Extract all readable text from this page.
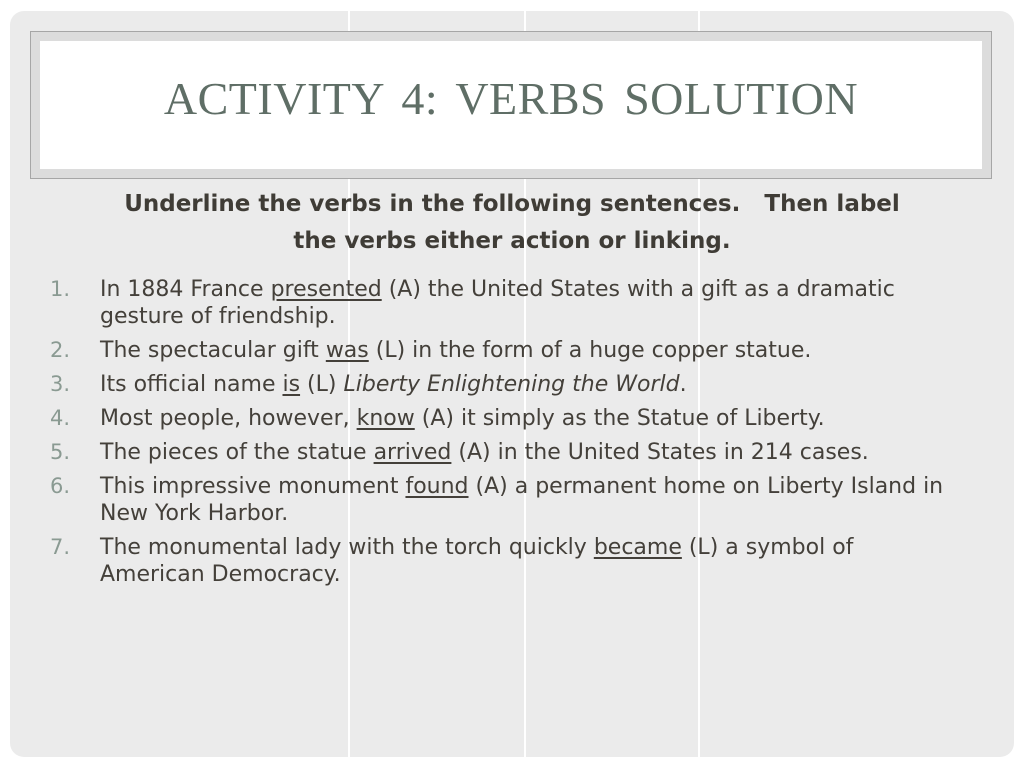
ACTIVITY 4: VERBS SOLUTION
Underline the verbs in the following sentences. Then label
the verbs either action or linking.
1. In 1884 France presented (A) the United States with a gift as a dramatic gesture of friendship.
2. The spectacular gift was (L) in the form of a huge copper statue.
3. Its official name is (L) Liberty Enlightening the World.
4. Most people, however, know (A) it simply as the Statue of Liberty.
5. The pieces of the statue arrived (A) in the United States in 214 cases.
6. This impressive monument found (A) a permanent home on Liberty Island in New York Harbor.
7. The monumental lady with the torch quickly became (L) a symbol of American Democracy.
